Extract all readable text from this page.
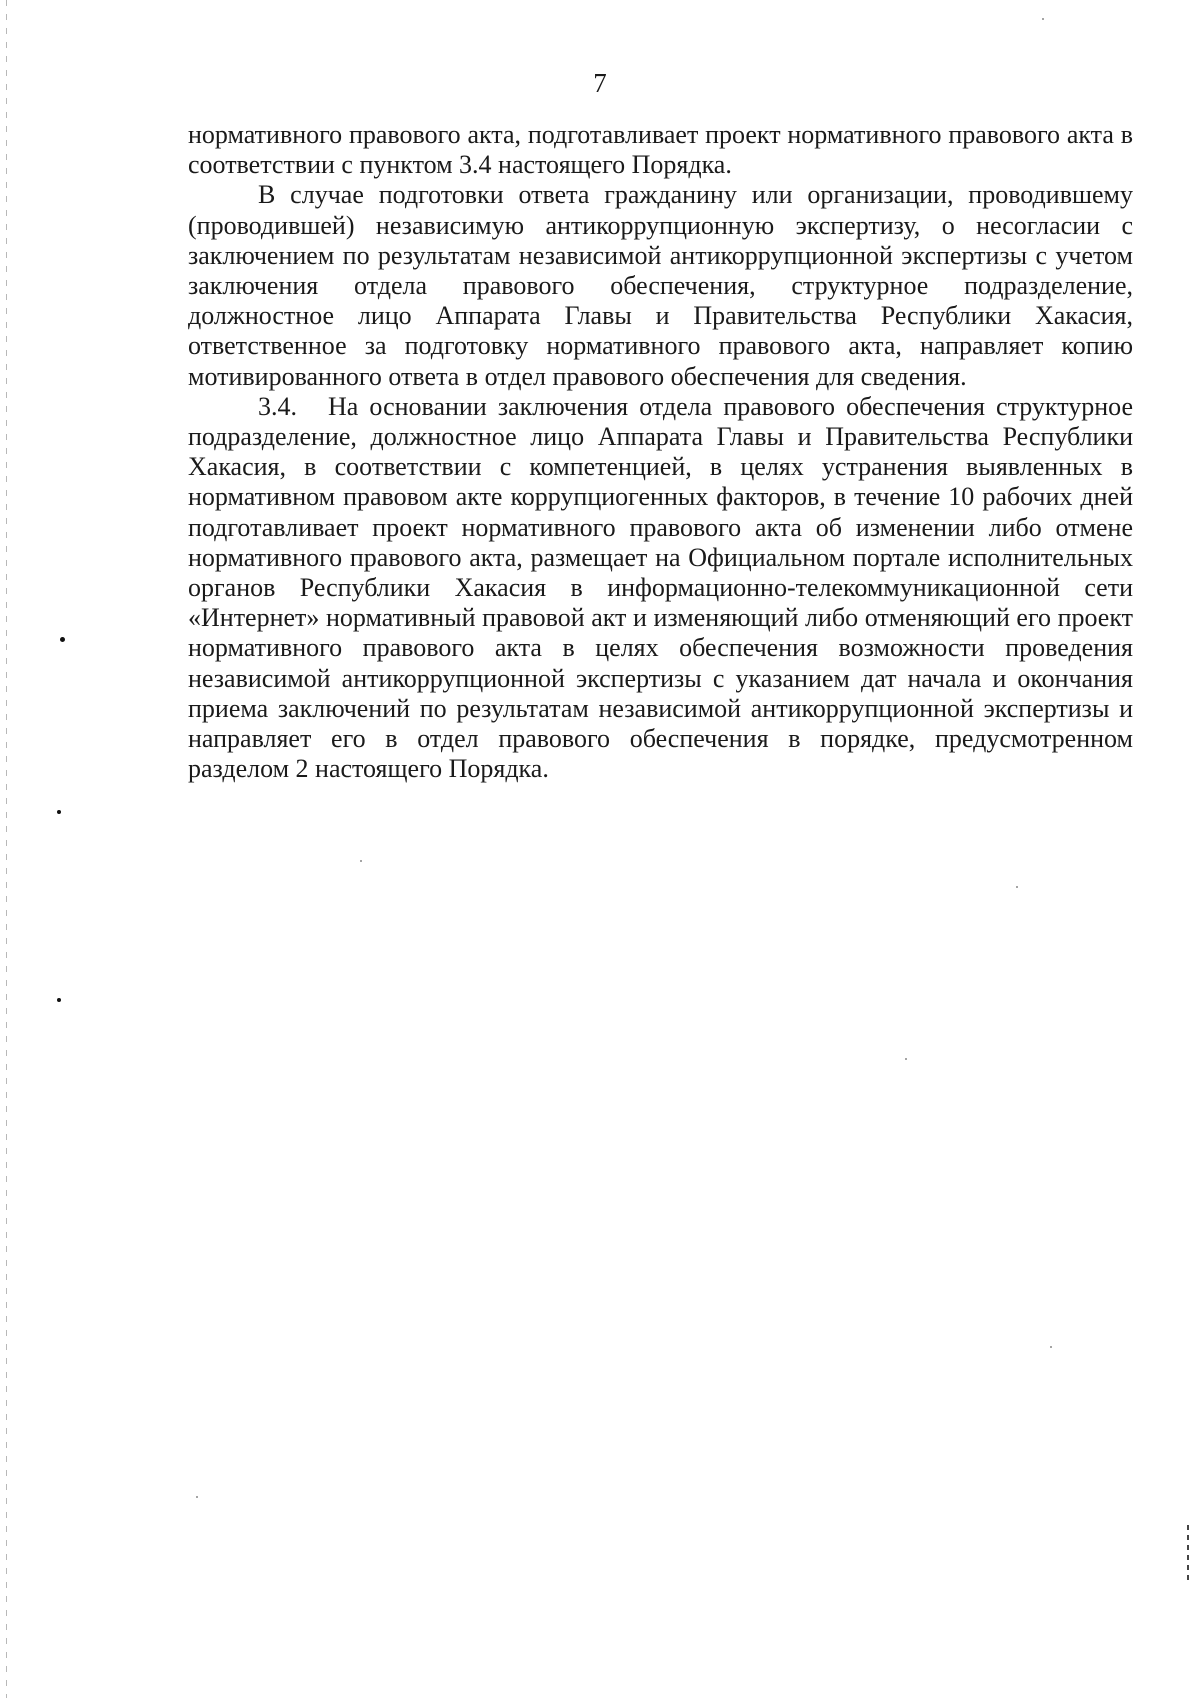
7

нормативного правового акта, подготавливает проект нормативного правового акта в соответствии с пунктом 3.4 настоящего Порядка.

В случае подготовки ответа гражданину или организации, проводившему (проводившей) независимую антикоррупционную экспертизу, о несогласии с заключением по результатам независимой антикоррупционной экспертизы с учетом заключения отдела правового обеспечения, структурное подразделение, должностное лицо Аппарата Главы и Правительства Республики Хакасия, ответственное за подготовку нормативного правового акта, направляет копию мотивированного ответа в отдел правового обеспечения для сведения.

3.4. На основании заключения отдела правового обеспечения структурное подразделение, должностное лицо Аппарата Главы и Правительства Республики Хакасия, в соответствии с компетенцией, в целях устранения выявленных в нормативном правовом акте коррупциогенных факторов, в течение 10 рабочих дней подготавливает проект нормативного правового акта об изменении либо отмене нормативного правового акта, размещает на Официальном портале исполнительных органов Республики Хакасия в информационно-телекоммуникационной сети «Интернет» нормативный правовой акт и изменяющий либо отменяющий его проект нормативного правового акта в целях обеспечения возможности проведения независимой антикоррупционной экспертизы с указанием дат начала и окончания приема заключений по результатам независимой антикоррупционной экспертизы и направляет его в отдел правового обеспечения в порядке, предусмотренном разделом 2 настоящего Порядка.
